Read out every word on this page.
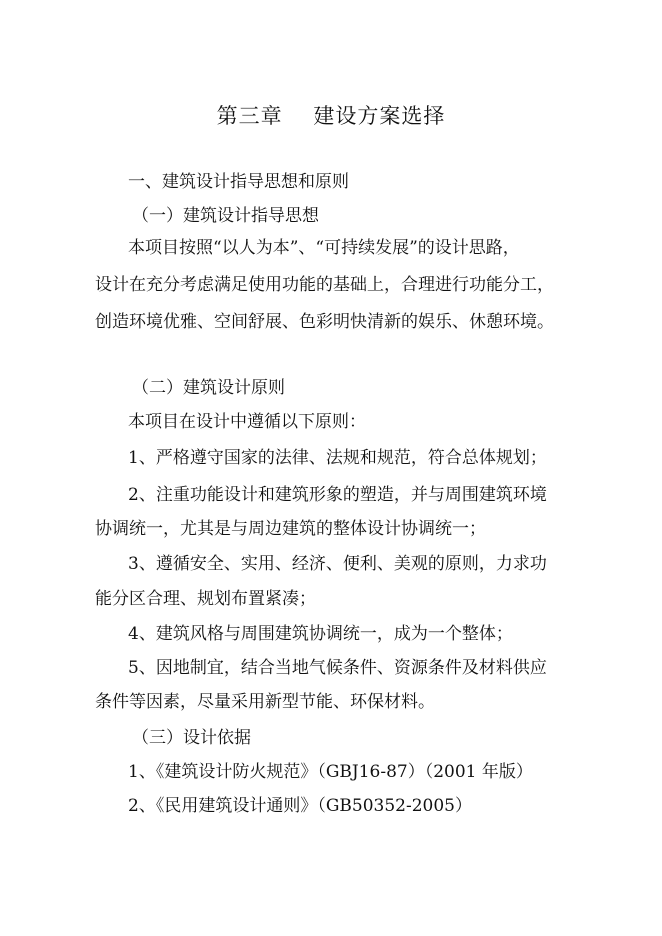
第三章    建设方案选择
一、建筑设计指导思想和原则
（一）建筑设计指导思想
本项目按照“以人为本”、“可持续发展”的设计思路，
设计在充分考虑满足使用功能的基础上，合理进行功能分工，
创造环境优雅、空间舒展、色彩明快清新的娱乐、休憩环境。
（二）建筑设计原则
本项目在设计中遵循以下原则：
1、严格遵守国家的法律、法规和规范，符合总体规划；
2、注重功能设计和建筑形象的塑造，并与周围建筑环境
协调统一，尤其是与周边建筑的整体设计协调统一；
3、遵循安全、实用、经济、便利、美观的原则，力求功
能分区合理、规划布置紧凑；
4、建筑风格与周围建筑协调统一，成为一个整体；
5、因地制宜，结合当地气候条件、资源条件及材料供应
条件等因素，尽量采用新型节能、环保材料。
（三）设计依据
1、《建筑设计防火规范》（GBJ16-87）（2001 年版）
2、《民用建筑设计通则》（GB50352-2005）
